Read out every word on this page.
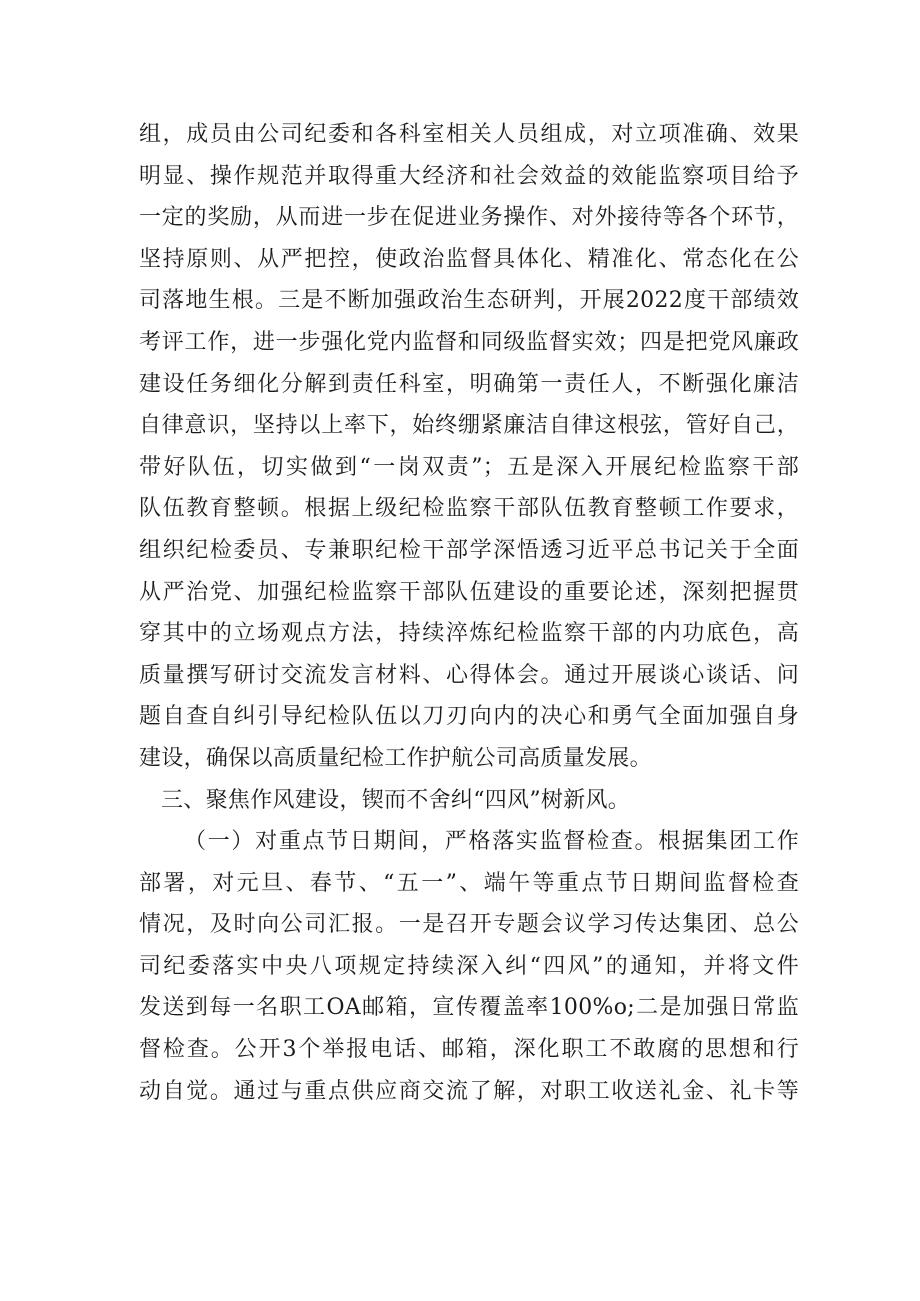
组，成员由公司纪委和各科室相关人员组成，对立项准确、效果
明显、操作规范并取得重大经济和社会效益的效能监察项目给予
一定的奖励，从而进一步在促进业务操作、对外接待等各个环节，
坚持原则、从严把控，使政治监督具体化、精准化、常态化在公
司落地生根。三是不断加强政治生态研判，开展2022度干部绩效
考评工作，进一步强化党内监督和同级监督实效；四是把党风廉政
建设任务细化分解到责任科室，明确第一责任人，不断强化廉洁
自律意识，坚持以上率下，始终绷紧廉洁自律这根弦，管好自己，
带好队伍，切实做到“一岗双责”；五是深入开展纪检监察干部
队伍教育整顿。根据上级纪检监察干部队伍教育整顿工作要求，
组织纪检委员、专兼职纪检干部学深悟透习近平总书记关于全面
从严治党、加强纪检监察干部队伍建设的重要论述，深刻把握贯
穿其中的立场观点方法，持续淬炼纪检监察干部的内功底色，高
质量撰写研讨交流发言材料、心得体会。通过开展谈心谈话、问
题自查自纠引导纪检队伍以刀刃向内的决心和勇气全面加强自身
建设，确保以高质量纪检工作护航公司高质量发展。
三、聚焦作风建设，锲而不舍纠“四风”树新风。
（一）对重点节日期间，严格落实监督检查。根据集团工作
部署，对元旦、春节、“五一”、端午等重点节日期间监督检查
情况，及时向公司汇报。一是召开专题会议学习传达集团、总公
司纪委落实中央八项规定持续深入纠“四风”的通知，并将文件
发送到每一名职工OA邮箱，宣传覆盖率100%o;二是加强日常监
督检查。公开3个举报电话、邮箱，深化职工不敢腐的思想和行
动自觉。通过与重点供应商交流了解，对职工收送礼金、礼卡等
